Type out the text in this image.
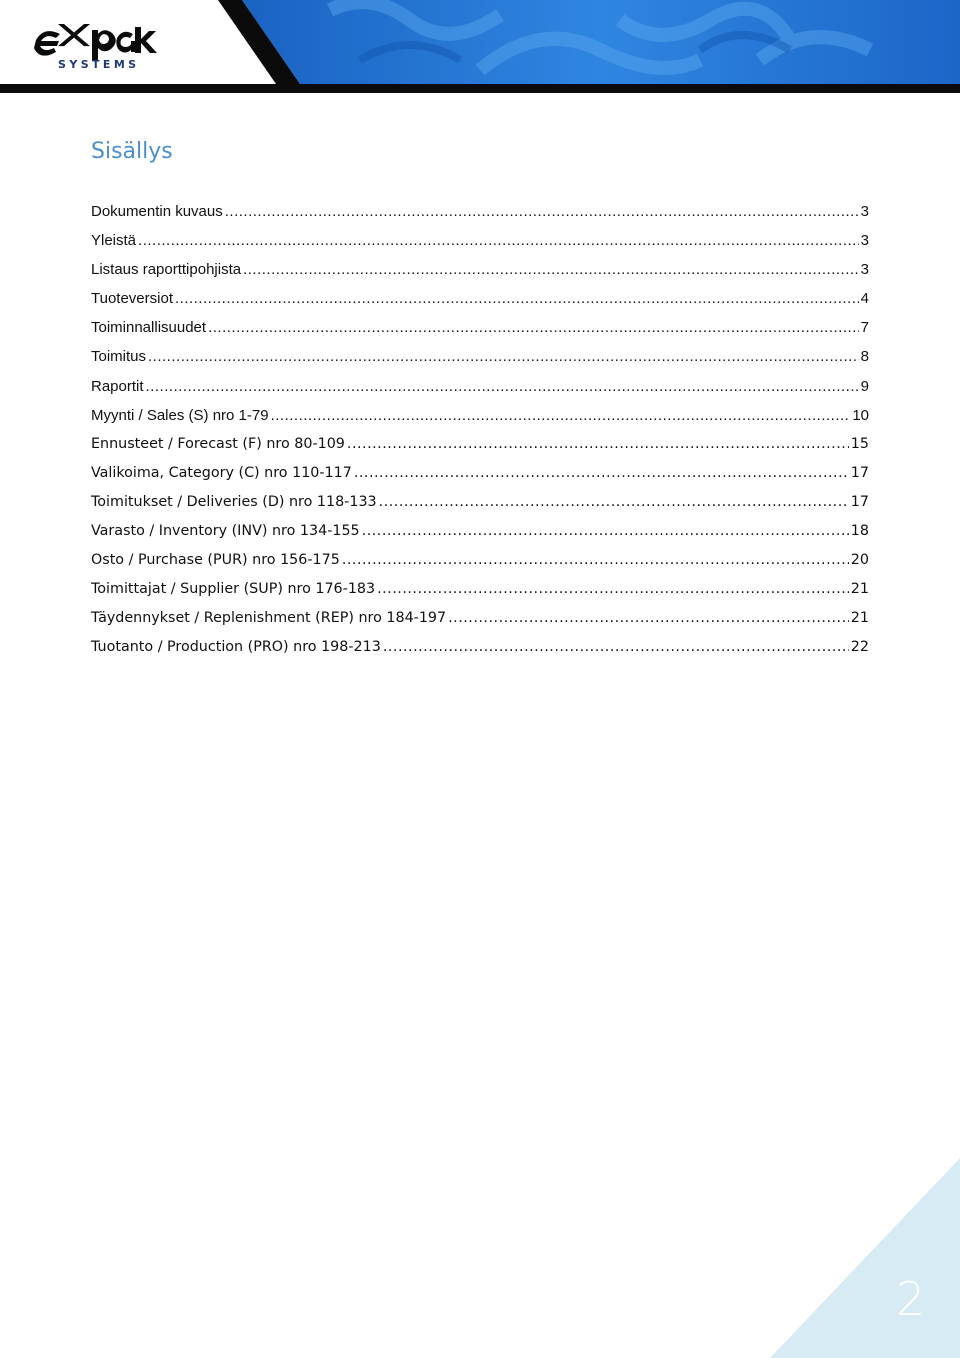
SYSTEMS
Sisällys
Dokumentin kuvaus .....	3
Yleistä .....	3
Listaus raporttipohjista .....	3
Tuoteversiot .....	4
Toiminnallisuudet .....	7
Toimitus .....	8
Raportit .....	9
Myynti / Sales (S) nro 1-79 .....	10
Ennusteet / Forecast (F) nro 80-109 .....	15
Valikoima, Category (C) nro 110-117 .....	17
Toimitukset / Deliveries (D) nro 118-133 .....	17
Varasto / Inventory (INV) nro 134-155 .....	18
Osto / Purchase (PUR) nro 156-175 .....	20
Toimittajat / Supplier (SUP) nro 176-183 .....	21
Täydennykset / Replenishment (REP) nro 184-197 .....	21
Tuotanto / Production (PRO) nro 198-213 .....	22
2
